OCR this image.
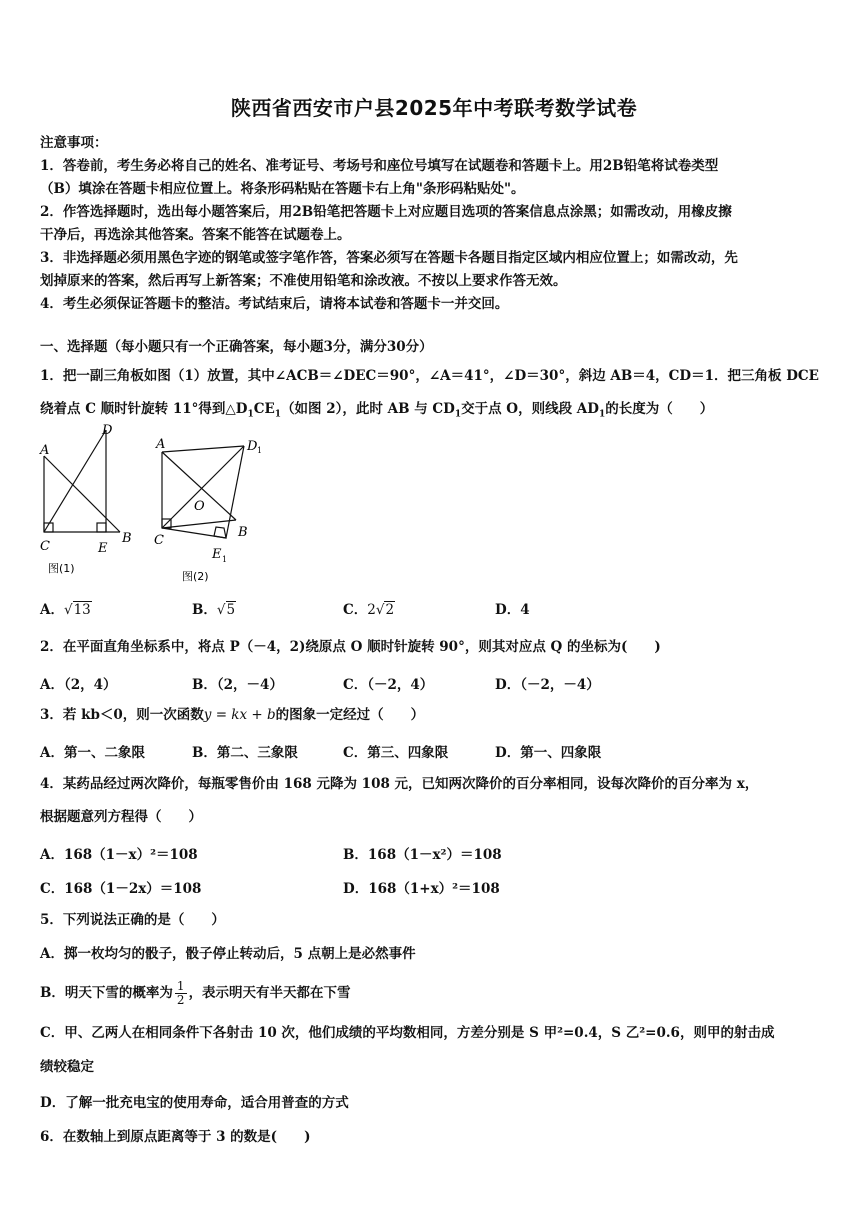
陕西省西安市户县2025年中考联考数学试卷
注意事项：
1．答卷前，考生务必将自己的姓名、准考证号、考场号和座位号填写在试题卷和答题卡上。用2B铅笔将试卷类型
（B）填涂在答题卡相应位置上。将条形码粘贴在答题卡右上角"条形码粘贴处"。
2．作答选择题时，选出每小题答案后，用2B铅笔把答题卡上对应题目选项的答案信息点涂黑；如需改动，用橡皮擦
干净后，再选涂其他答案。答案不能答在试题卷上。
3．非选择题必须用黑色字迹的钢笔或签字笔作答，答案必须写在答题卡各题目指定区域内相应位置上；如需改动，先
划掉原来的答案，然后再写上新答案；不准使用铅笔和涂改液。不按以上要求作答无效。
4．考生必须保证答题卡的整洁。考试结束后，请将本试卷和答题卡一并交回。
一、选择题（每小题只有一个正确答案，每小题3分，满分30分）
1．把一副三角板如图（1）放置，其中∠ACB＝∠DEC＝90°，∠A＝41°，∠D＝30°，斜边 AB＝4，CD＝1．把三角板 DCE
绕着点 C 顺时针旋转 11°得到$\triangle D_1CE_1$（如图 2），此时 AB 与 $CD_1$交于点 O，则线段 $AD_1$的长度为（　　）
A
D
C	E
B
图(1)
A	D 1
O
C
B
E 1
图(2)
A．√13	B．√5	C．2√2	D．4
2．在平面直角坐标系中，将点 P（－4，2)绕原点 O 顺时针旋转 90°，则其对应点 Q 的坐标为(　　)
A．（2，4）	B．（2，－4）	C．（－2，4）	D．（－2，－4）
3．若 kb＜0，则一次函数y = kx + b的图象一定经过（　　）
A．第一、二象限	B．第二、三象限	C．第三、四象限	D．第一、四象限
4．某药品经过两次降价，每瓶零售价由 168 元降为 108 元，已知两次降价的百分率相同，设每次降价的百分率为 x，
根据题意列方程得（　　）
A．168（1－x）²＝108	B．168（1－x²）＝108
C．168（1－2x）＝108	D．168（1+x）²＝108
5．下列说法正确的是（　　）
A．掷一枚均匀的骰子，骰子停止转动后，5 点朝上是必然事件
B．明天下雪的概率为 $\frac{1}{2}$ ，表示明天有半天都在下雪
C．甲、乙两人在相同条件下各射击 10 次，他们成绩的平均数相同，方差分别是 S 甲²=0.4，S 乙²=0.6，则甲的射击成
绩较稳定
D．了解一批充电宝的使用寿命，适合用普查的方式
6．在数轴上到原点距离等于 3 的数是(　　)
